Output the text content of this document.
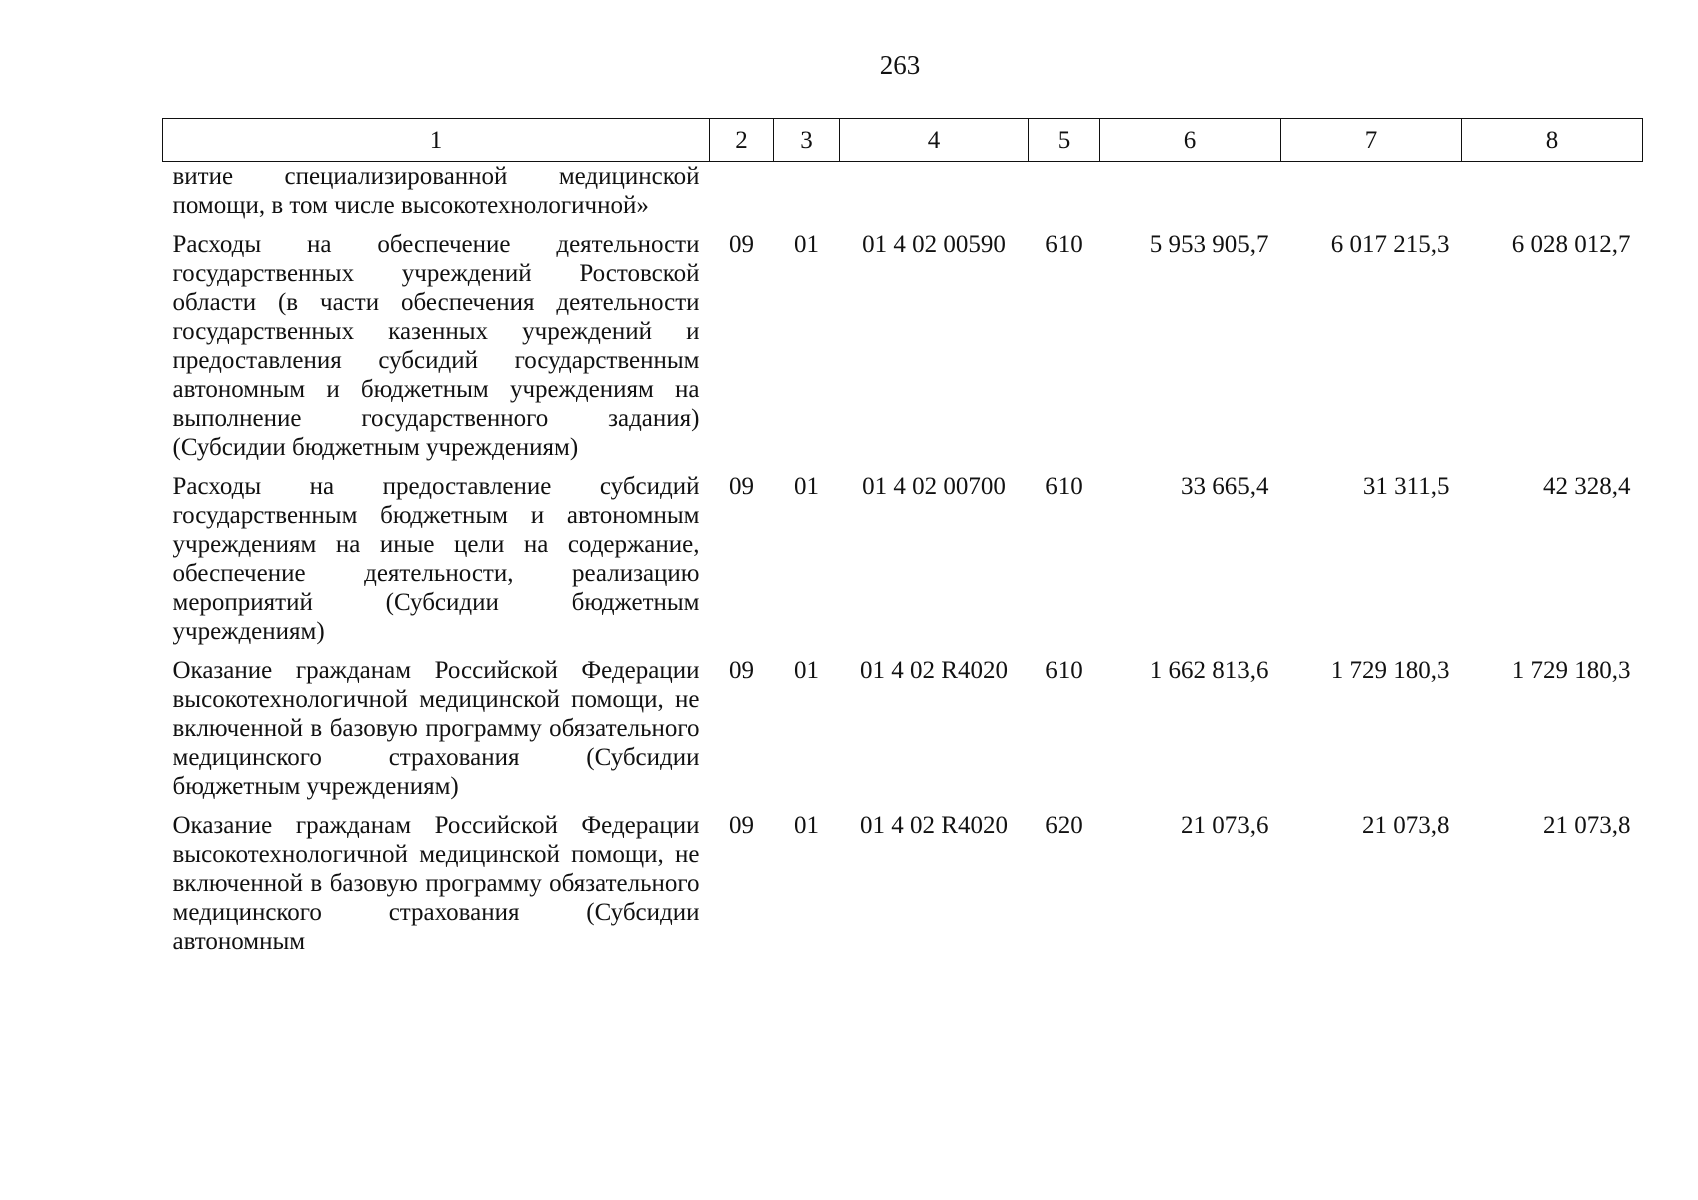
263
1	2	3	4	5	6	7	8
витие специализированной медицинской помощи, в том числе высокотехнологичной»							
Расходы на обеспечение деятельности государственных учреждений Ростовской области (в части обеспечения деятельности государственных казенных учреждений и предоставления субсидий государственным автономным и бюджетным учреждениям на выполнение государственного задания) (Субсидии бюджетным учреждениям)	09	01	01 4 02 00590	610	5 953 905,7	6 017 215,3	6 028 012,7
Расходы на предоставление субсидий государственным бюджетным и автономным учреждениям на иные цели на содержание, обеспечение деятельности, реализацию мероприятий (Субсидии бюджетным учреждениям)	09	01	01 4 02 00700	610	33 665,4	31 311,5	42 328,4
Оказание гражданам Российской Федерации высокотехнологичной медицинской помощи, не включенной в базовую программу обязательного медицинского страхования (Субсидии бюджетным учреждениям)	09	01	01 4 02 R4020	610	1 662 813,6	1 729 180,3	1 729 180,3
Оказание гражданам Российской Федерации высокотехнологичной медицинской помощи, не включенной в базовую программу обязательного медицинского страхования (Субсидии автономным	09	01	01 4 02 R4020	620	21 073,6	21 073,8	21 073,8
